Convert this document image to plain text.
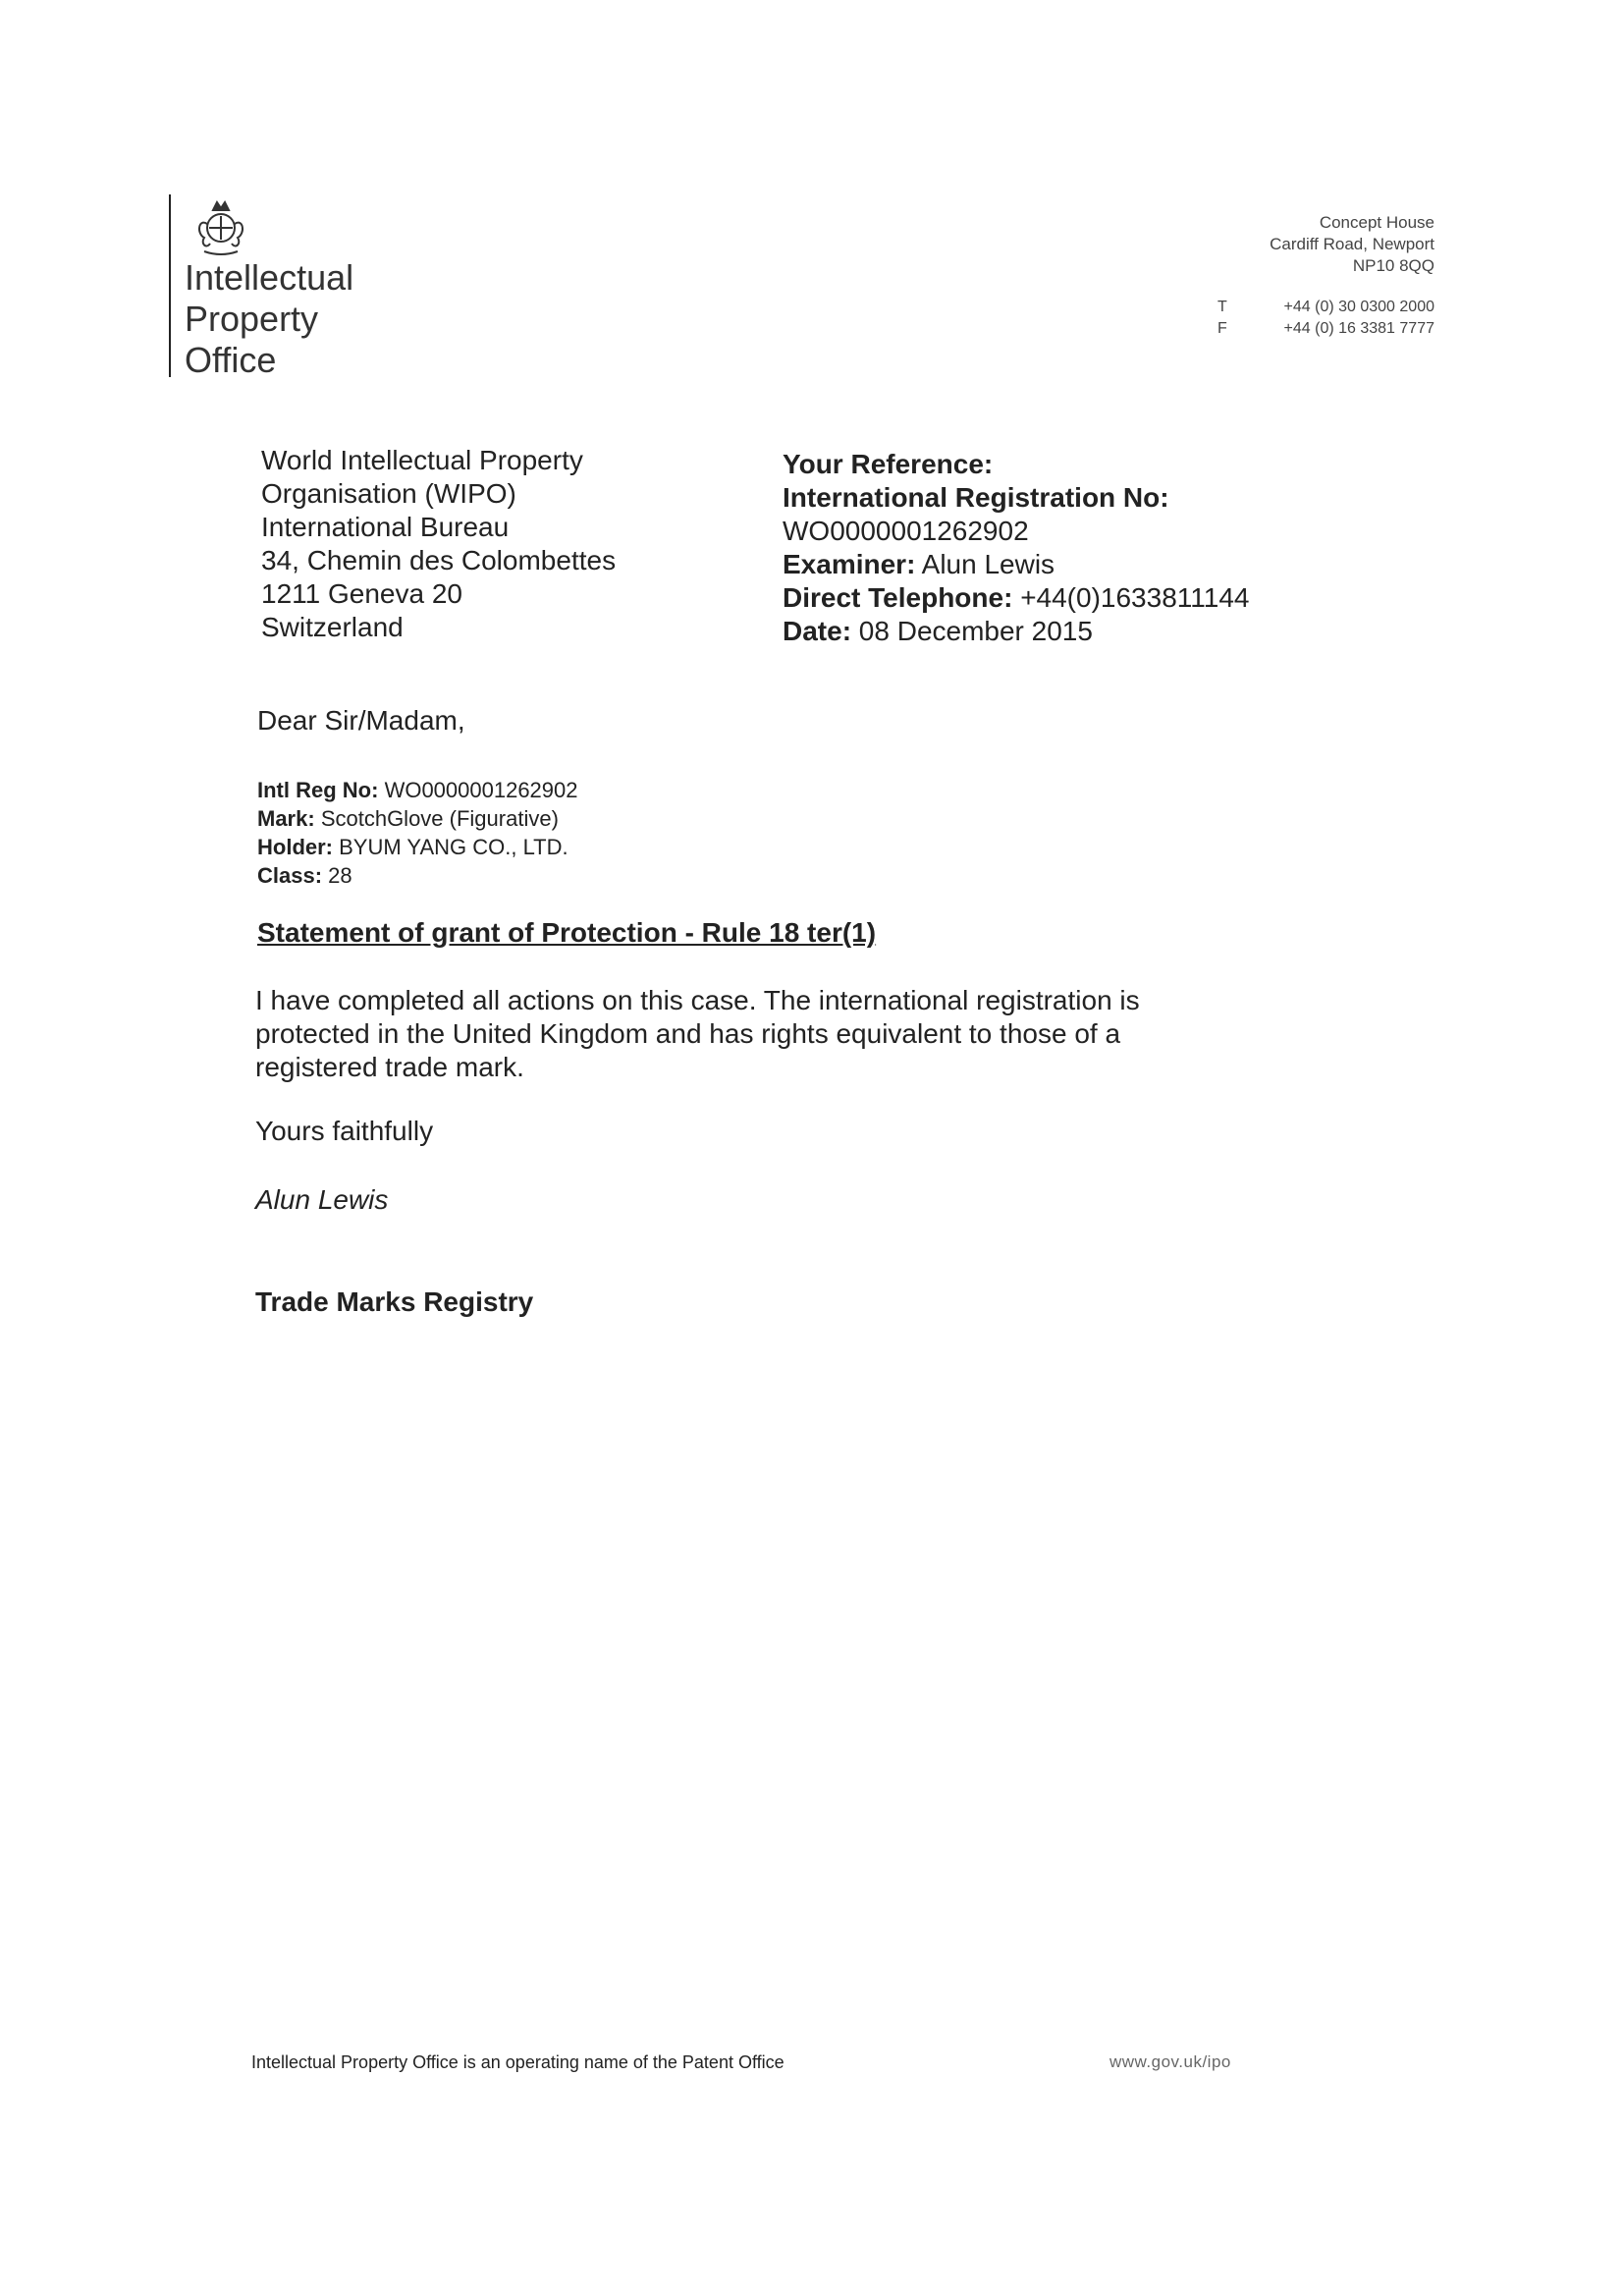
Intellectual
Property
Office
Concept House
Cardiff Road, Newport
NP10 8QQ
T
F
+44 (0) 30 0300 2000
+44 (0) 16 3381 7777
World Intellectual Property
Organisation (WIPO)
International Bureau
34, Chemin des Colombettes
1211 Geneva 20
Switzerland
Your Reference:
International Registration No:
WO0000001262902
Examiner: Alun Lewis
Direct Telephone: +44(0)1633811144
Date: 08 December 2015
Dear Sir/Madam,
Intl Reg No: WO0000001262902
Mark: ScotchGlove (Figurative)
Holder: BYUM YANG CO., LTD.
Class: 28
Statement of grant of Protection - Rule 18 ter(1)
I have completed all actions on this case. The international registration is
protected in the United Kingdom and has rights equivalent to those of a
registered trade mark.
Yours faithfully
Alun Lewis
Trade Marks Registry
Intellectual Property Office is an operating name of the Patent Office	www.gov.uk/ipo
